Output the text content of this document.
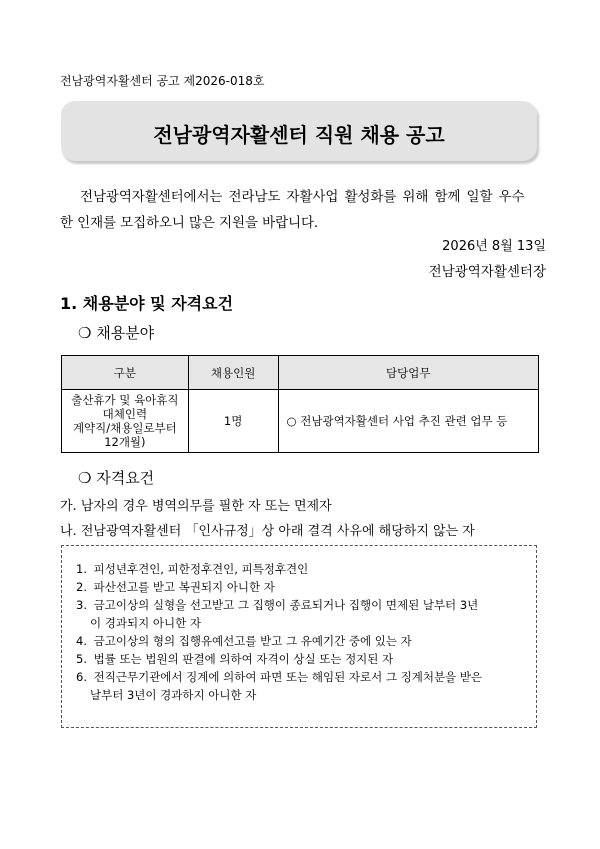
전남광역자활센터 공고 제2026-018호
전남광역자활센터 직원 채용 공고
전남광역자활센터에서는 전라남도 자활사업 활성화를 위해 함께 일할 우수
한 인재를 모집하오니 많은 지원을 바랍니다.
2026년 8월 13일
전남광역자활센터장
1. 채용분야 및 자격요건
❍ 채용분야
구분	채용인원	담당업무

출산휴가 및 육아휴직
대체인력
계약직/채용일로부터
12개월)	1명	○ 전남광역자활센터 사업 추진 관련 업무 등
❍ 자격요건
가. 남자의 경우 병역의무를 필한 자 또는 면제자
나. 전남광역자활센터 「인사규정」상 아래 결격 사유에 해당하지 않는 자
1. 피성년후견인, 피한정후견인, 피특정후견인
2. 파산선고를 받고 복권되지 아니한 자
3. 금고이상의 실형을 선고받고 그 집행이 종료되거나 집행이 면제된 날부터 3년
이 경과되지 아니한 자
4. 금고이상의 형의 집행유예선고를 받고 그 유예기간 중에 있는 자
5. 법률 또는 법원의 판결에 의하여 자격이 상실 또는 정지된 자
6. 전직근무기관에서 징계에 의하여 파면 또는 해임된 자로서 그 징계처분을 받은
날부터 3년이 경과하지 아니한 자
